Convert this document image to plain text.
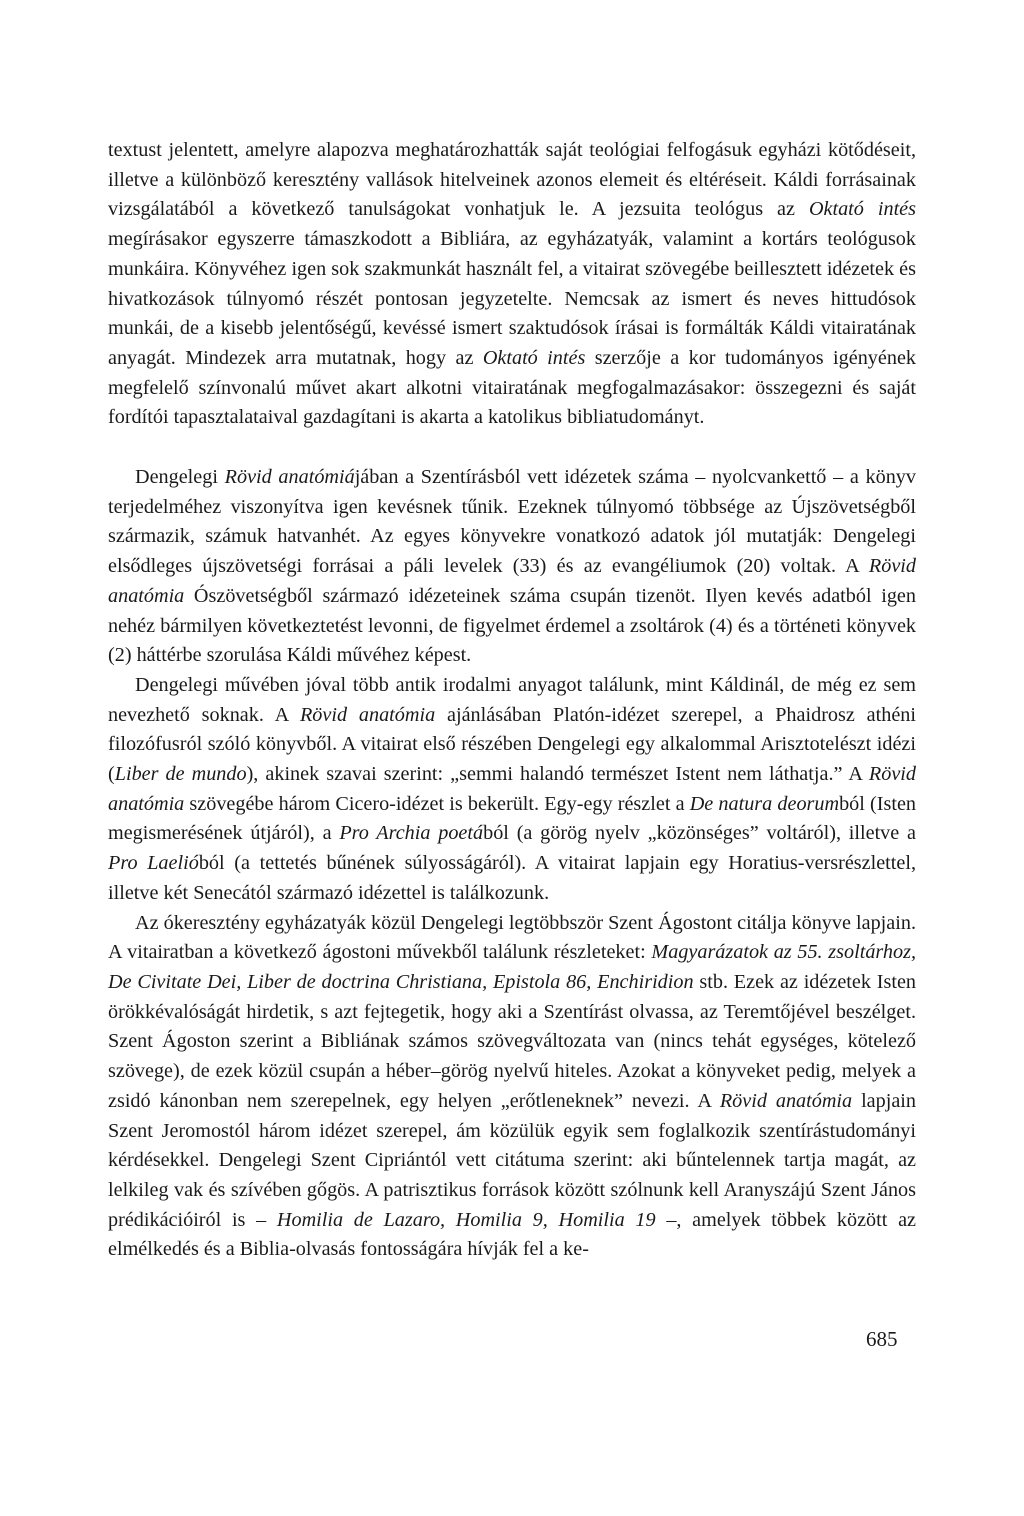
textust jelentett, amelyre alapozva meghatározhatták saját teológiai felfogásuk egyházi kötődéseit, illetve a különböző keresztény vallások hitelveinek azonos elemeit és eltéréseit. Káldi forrásainak vizsgálatából a következő tanulságokat vonhatjuk le. A jezsuita teológus az Oktató intés megírásakor egyszerre támaszkodott a Bibliára, az egyházatyák, valamint a kortárs teológusok munkáira. Könyvéhez igen sok szakmunkát használt fel, a vitairat szövegébe beillesztett idézetek és hivatkozások túlnyomó részét pontosan jegyzetelte. Nemcsak az ismert és neves hittudósok munkái, de a kisebb jelentőségű, kevéssé ismert szaktudósok írásai is formálták Káldi vitairatának anyagát. Mindezek arra mutatnak, hogy az Oktató intés szerzője a kor tudományos igényének megfelelő színvonalú művet akart alkotni vitairatának megfogalmazásakor: összegezni és saját fordítói tapasztalataival gazdagítani is akarta a katolikus bibliatudományt.

Dengelegi Rövid anatómiájában a Szentírásból vett idézetek száma – nyolcvankettő – a könyv terjedelméhez viszonyítva igen kevésnek tűnik. Ezeknek túlnyomó többsége az Újszövetségből származik, számuk hatvanhét. Az egyes könyvekre vonatkozó adatok jól mutatják: Dengelegi elsődleges újszövetségi forrásai a páli levelek (33) és az evangéliumok (20) voltak. A Rövid anatómia Ószövetségből származó idézeteinek száma csupán tizenöt. Ilyen kevés adatból igen nehéz bármilyen következtetést levonni, de figyelmet érdemel a zsoltárok (4) és a történeti könyvek (2) háttérbe szorulása Káldi művéhez képest.

Dengelegi művében jóval több antik irodalmi anyagot találunk, mint Káldinál, de még ez sem nevezhető soknak. A Rövid anatómia ajánlásában Platón-idézet szerepel, a Phaidrosz athéni filozófusról szóló könyvből. A vitairat első részében Dengelegi egy alkalommal Arisztotelészt idézi (Liber de mundo), akinek szavai szerint: „semmi halandó természet Istent nem láthatja.” A Rövid anatómia szövegébe három Cicero-idézet is bekerült. Egy-egy részlet a De natura deorumból (Isten megismerésének útjáról), a Pro Archia poetából (a görög nyelv „közönséges” voltáról), illetve a Pro Laelióból (a tettetés bűnének súlyosságáról). A vitairat lapjain egy Horatius-versrészlettel, illetve két Senecától származó idézettel is találkozunk.

Az ókeresztény egyházatyák közül Dengelegi legtöbbször Szent Ágostont citálja könyve lapjain. A vitairatban a következő ágostoni művekből találunk részleteket: Magyarázatok az 55. zsoltárhoz, De Civitate Dei, Liber de doctrina Christiana, Epistola 86, Enchiridion stb. Ezek az idézetek Isten örökkévalóságát hirdetik, s azt fejtegetik, hogy aki a Szentírást olvassa, az Teremtőjével beszélget. Szent Ágoston szerint a Bibliának számos szövegváltozata van (nincs tehát egységes, kötelező szövege), de ezek közül csupán a héber–görög nyelvű hiteles. Azokat a könyveket pedig, melyek a zsidó kánonban nem szerepelnek, egy helyen „erőtleneknek” nevezi. A Rövid anatómia lapjain Szent Jeromostól három idézet szerepel, ám közülük egyik sem foglalkozik szentírástudományi kérdésekkel. Dengelegi Szent Cipriántól vett citátuma szerint: aki bűntelennek tartja magát, az lelkileg vak és szívében gőgös. A patrisztikus források között szólnunk kell Aranyszájú Szent János prédikációiról is – Homilia de Lazaro, Homilia 9, Homilia 19 –, amelyek többek között az elmélkedés és a Biblia-olvasás fontosságára hívják fel a ke-

685
